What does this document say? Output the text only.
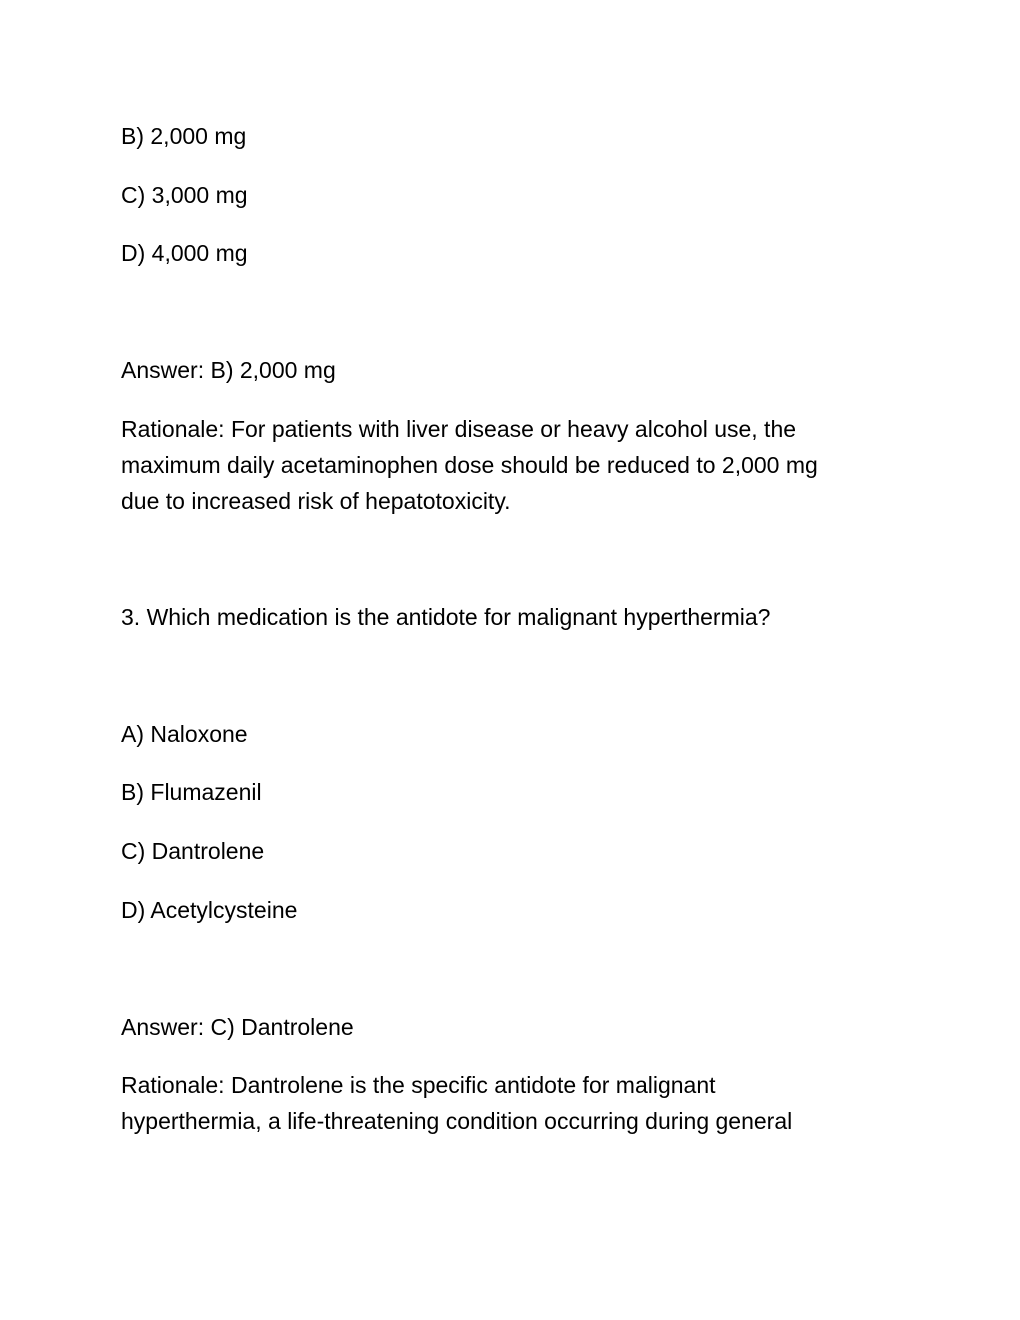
B) 2,000 mg
C) 3,000 mg
D) 4,000 mg
Answer: B) 2,000 mg
Rationale: For patients with liver disease or heavy alcohol use, the
maximum daily acetaminophen dose should be reduced to 2,000 mg
due to increased risk of hepatotoxicity.
3. Which medication is the antidote for malignant hyperthermia?
A) Naloxone
B) Flumazenil
C) Dantrolene
D) Acetylcysteine
Answer: C) Dantrolene
Rationale: Dantrolene is the specific antidote for malignant
hyperthermia, a life-threatening condition occurring during general
